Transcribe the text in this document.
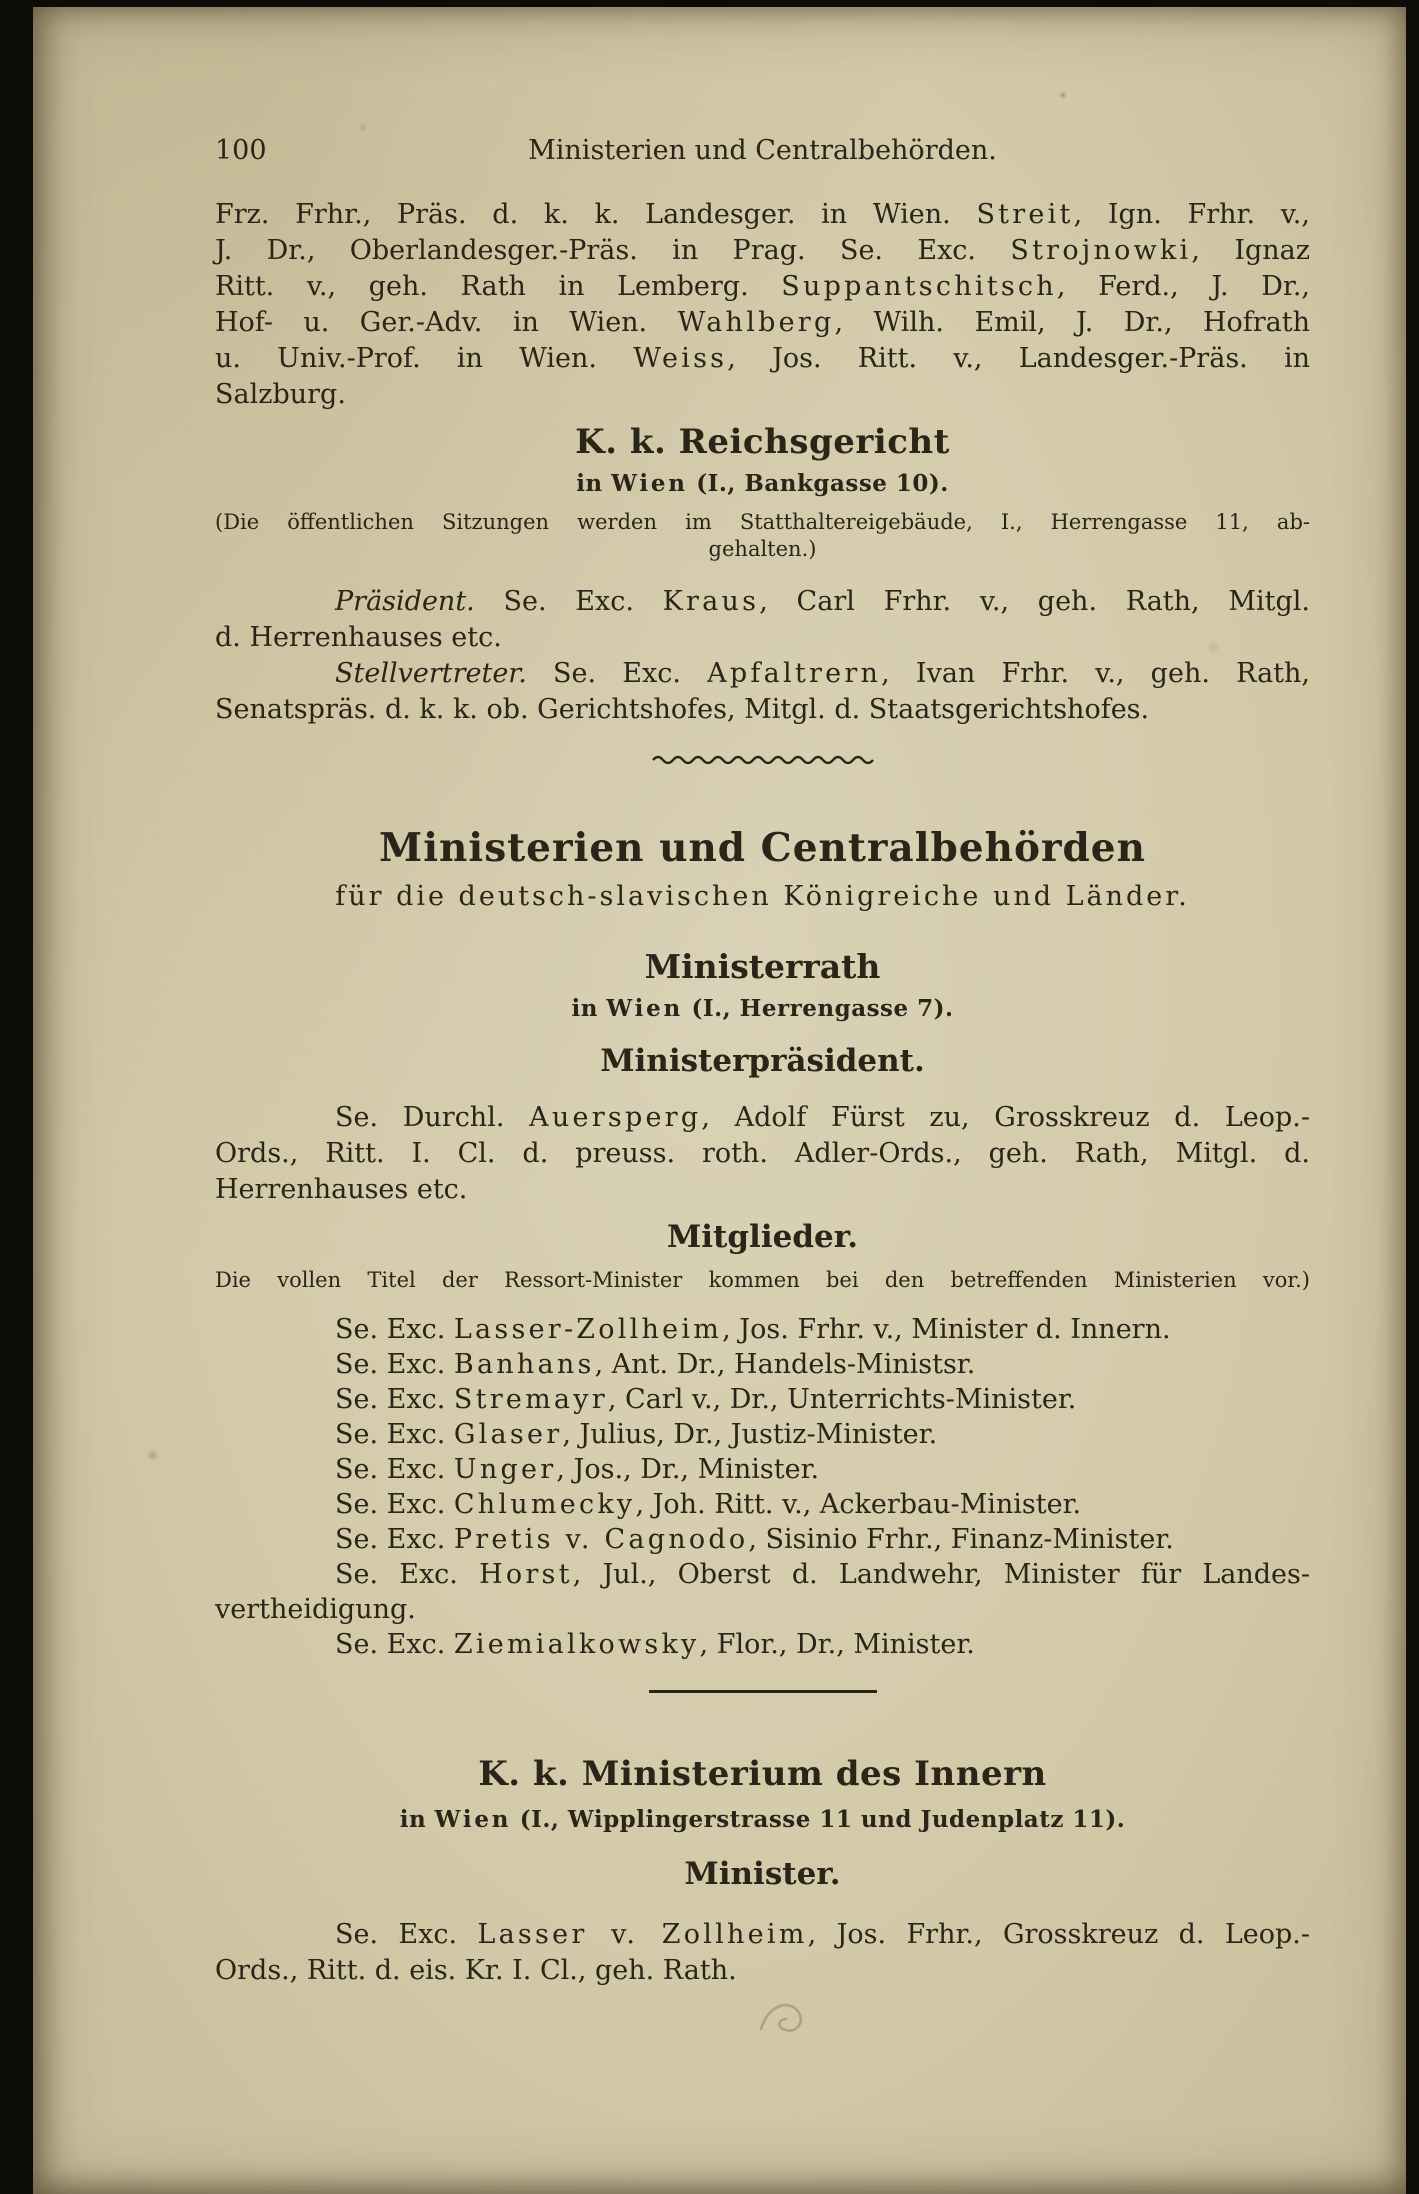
100	Ministerien und Centralbehörden.
Frz. Frhr., Präs. d. k. k. Landesger. in Wien. Streit, Ign. Frhr. v.,
J. Dr., Oberlandesger.-Präs. in Prag. Se. Exc. Strojnowki, Ignaz
Ritt. v., geh. Rath in Lemberg. Suppantschitsch, Ferd., J. Dr.,
Hof- u. Ger.-Adv. in Wien. Wahlberg, Wilh. Emil, J. Dr., Hofrath
u. Univ.-Prof. in Wien. Weiss, Jos. Ritt. v., Landesger.-Präs. in
Salzburg.
K. k. Reichsgericht
in Wien (I., Bankgasse 10).
(Die öffentlichen Sitzungen werden im Statthaltereigebäude, I., Herrengasse 11, ab-
gehalten.)
Präsident. Se. Exc. Kraus, Carl Frhr. v., geh. Rath, Mitgl.
d. Herrenhauses etc.
Stellvertreter. Se. Exc. Apfaltrern, Ivan Frhr. v., geh. Rath,
Senatspräs. d. k. k. ob. Gerichtshofes, Mitgl. d. Staatsgerichtshofes.
Ministerien und Centralbehörden
für die deutsch-slavischen Königreiche und Länder.
Ministerrath
in Wien (I., Herrengasse 7).
Ministerpräsident.
Se. Durchl. Auersperg, Adolf Fürst zu, Grosskreuz d. Leop.-
Ords., Ritt. I. Cl. d. preuss. roth. Adler-Ords., geh. Rath, Mitgl. d.
Herrenhauses etc.
Mitglieder.
Die vollen Titel der Ressort-Minister kommen bei den betreffenden Ministerien vor.)
Se. Exc. Lasser-Zollheim, Jos. Frhr. v., Minister d. Innern.
Se. Exc. Banhans, Ant. Dr., Handels-Ministsr.
Se. Exc. Stremayr, Carl v., Dr., Unterrichts-Minister.
Se. Exc. Glaser, Julius, Dr., Justiz-Minister.
Se. Exc. Unger, Jos., Dr., Minister.
Se. Exc. Chlumecky, Joh. Ritt. v., Ackerbau-Minister.
Se. Exc. Pretis v. Cagnodo, Sisinio Frhr., Finanz-Minister.
Se. Exc. Horst, Jul., Oberst d. Landwehr, Minister für Landes-
vertheidigung.
Se. Exc. Ziemialkowsky, Flor., Dr., Minister.
K. k. Ministerium des Innern
in Wien (I., Wipplingerstrasse 11 und Judenplatz 11).
Minister.
Se. Exc. Lasser v. Zollheim, Jos. Frhr., Grosskreuz d. Leop.-
Ords., Ritt. d. eis. Kr. I. Cl., geh. Rath.
